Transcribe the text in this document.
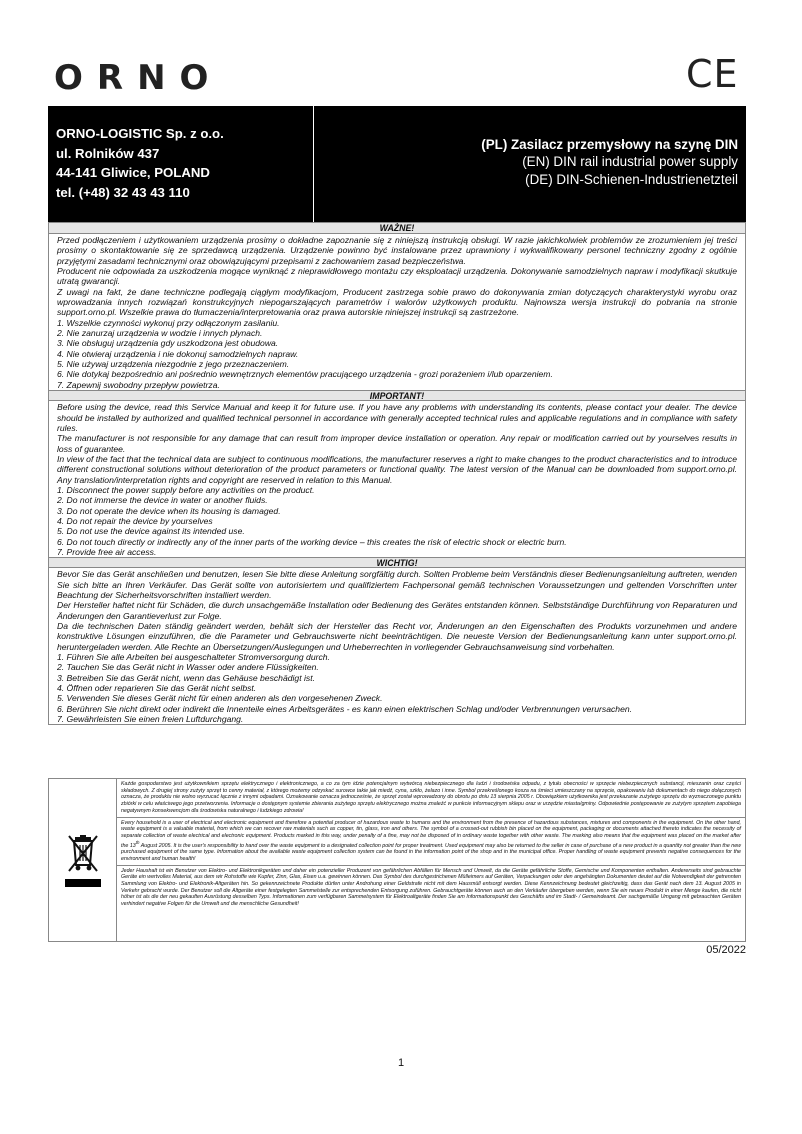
ORNO	CE
ORNO-LOGISTIC Sp. z o.o.
ul. Rolników 437
44-141 Gliwice, POLAND
tel. (+48) 32 43 43 110
(PL) Zasilacz przemysłowy na szynę DIN
(EN) DIN rail industrial power supply
(DE) DIN-Schienen-Industrienetzteil
WAŻNE!

Przed podłączeniem i użytkowaniem urządzenia prosimy o dokładne zapoznanie się z niniejszą instrukcją obsługi. W razie jakichkolwiek problemów ze zrozumieniem jej treści prosimy o skontaktowanie się ze sprzedawcą urządzenia. Urządzenie powinno być instalowane przez uprawniony i wykwalifikowany personel techniczny zgodny z ogólnie przyjętymi zasadami technicznymi oraz obowiązującymi przepisami z zachowaniem zasad bezpieczeństwa.

Producent nie odpowiada za uszkodzenia mogące wyniknąć z nieprawidłowego montażu czy eksploatacji urządzenia. Dokonywanie samodzielnych napraw i modyfikacji skutkuje utratą gwarancji.

Z uwagi na fakt, że dane techniczne podlegają ciągłym modyfikacjom, Producent zastrzega sobie prawo do dokonywania zmian dotyczących charakterystyki wyrobu oraz wprowadzania innych rozwiązań konstrukcyjnych niepogarszających parametrów i walorów użytkowych produktu. Najnowsza wersja instrukcji do pobrania na stronie support.orno.pl. Wszelkie prawa do tłumaczenia/interpretowania oraz prawa autorskie niniejszej instrukcji są zastrzeżone.

1. Wszelkie czynności wykonuj przy odłączonym zasilaniu.

2. Nie zanurzaj urządzenia w wodzie i innych płynach.

3. Nie obsługuj urządzenia gdy uszkodzona jest obudowa.

4. Nie otwieraj urządzenia i nie dokonuj samodzielnych napraw.

5. Nie używaj urządzenia niezgodnie z jego przeznaczeniem.

6. Nie dotykaj bezpośrednio ani pośrednio wewnętrznych elementów pracującego urządzenia - grozi porażeniem i/lub oparzeniem.

7. Zapewnij swobodny przepływ powietrza.

IMPORTANT!

Before using the device, read this Service Manual and keep it for future use. If you have any problems with understanding its contents, please contact your dealer. The device should be installed by authorized and qualified technical personnel in accordance with generally accepted technical rules and applicable regulations and in compliance with safety rules.

The manufacturer is not responsible for any damage that can result from improper device installation or operation. Any repair or modification carried out by yourselves results in loss of guarantee.

In view of the fact that the technical data are subject to continuous modifications, the manufacturer reserves a right to make changes to the product characteristics and to introduce different constructional solutions without deterioration of the product parameters or functional quality. The latest version of the Manual can be downloaded from support.orno.pl. Any translation/interpretation rights and copyright are reserved in relation to this Manual.

1. Disconnect the power supply before any activities on the product.

2. Do not immerse the device in water or another fluids.

3. Do not operate the device when its housing is damaged.

4. Do not repair the device by yourselves

5. Do not use the device against its intended use.

6. Do not touch directly or indirectly any of the inner parts of the working device – this creates the risk of electric shock or electric burn.

7. Provide free air access.

WICHTIG!

Bevor Sie das Gerät anschließen und benutzen, lesen Sie bitte diese Anleitung sorgfältig durch. Sollten Probleme beim Verständnis dieser Bedienungsanleitung auftreten, wenden Sie sich bitte an Ihren Verkäufer. Das Gerät sollte von autorisiertem und qualifiziertem Fachpersonal gemäß technischen Voraussetzungen und geltenden Vorschriften unter Beachtung der Sicherheitsvorschriften installiert werden.

Der Hersteller haftet nicht für Schäden, die durch unsachgemäße Installation oder Bedienung des Gerätes entstanden können. Selbstständige Durchführung von Reparaturen und Änderungen den Garantieverlust zur Folge.

Da die technischen Daten ständig geändert werden, behält sich der Hersteller das Recht vor, Änderungen an den Eigenschaften des Produkts vorzunehmen und andere konstruktive Lösungen einzuführen, die die Parameter und Gebrauchswerte nicht beeinträchtigen. Die neueste Version der Bedienungsanleitung kann unter support.orno.pl. heruntergeladen werden. Alle Rechte an Übersetzungen/Auslegungen und Urheberrechten in vorliegender Gebrauchsanweisung sind vorbehalten.

1. Führen Sie alle Arbeiten bei ausgeschalteter Stromversorgung durch.

2. Tauchen Sie das Gerät nicht in Wasser oder andere Flüssigkeiten.

3. Betreiben Sie das Gerät nicht, wenn das Gehäuse beschädigt ist.

4. Öffnen oder reparieren Sie das Gerät nicht selbst.

5. Verwenden Sie dieses Gerät nicht für einen anderen als den vorgesehenen Zweck.

6. Berühren Sie nicht direkt oder indirekt die Innenteile eines Arbeitsgerätes - es kann einen elektrischen Schlag und/oder Verbrennungen verursachen.

7. Gewährleisten Sie einen freien Luftdurchgang.

Każde gospodarstwo jest użytkownikiem sprzętu elektrycznego i elektronicznego, a co za tym idzie potencjalnym wytwórcą niebezpiecznego dla ludzi i środowiska odpadu, z tytułu obecności w sprzęcie niebezpiecznych substancji, mieszanin oraz części składowych. Z drugiej strony zużyty sprzęt to cenny materiał, z którego możemy odzyskać surowce takie jak miedź, cyna, szkło, żelazo i inne. Symbol przekreślonego kosza na śmieci umieszczany na sprzęcie, opakowaniu lub dokumentach do niego dołączonych oznacza, że produktu nie wolno wyrzucać łącznie z innymi odpadami. Oznakowanie oznacza jednocześnie, że sprzęt został wprowadzony do obrotu po dniu 13 sierpnia 2005 r. Obowiązkiem użytkownika jest przekazanie zużytego sprzętu do wyznaczonego punktu zbiórki w celu właściwego jego przetworzenia. Informacje o dostępnym systemie zbierania zużytego sprzętu elektrycznego można znaleźć w punkcie informacyjnym sklepu oraz w urzędzie miasta/gminy. Odpowiednie postępowanie ze zużytym sprzętem zapobiega negatywnym konsekwencjom dla środowiska naturalnego i ludzkiego zdrowia!
Every household is a user of electrical and electronic equipment and therefore a potential producer of hazardous waste to humans and the environment from the presence of hazardous substances, mixtures and components in the equipment. On the other hand, waste equipment is a valuable material, from which we can recover raw materials such as copper, tin, glass, iron and others. The symbol of a crossed-out rubbish bin placed on the equipment, packaging or documents attached thereto indicates the necessity of separate collection of waste electrical and electronic equipment. Products marked in this way, under penalty of a fine, may not be disposed of in ordinary waste together with other waste. The marking also means that the equipment was placed on the market after the 13th August 2005. It is the user's responsibility to hand over the waste equipment to a designated collection point for proper treatment. Used equipment may also be returned to the seller in case of purchase of a new product in a quantity not greater than the new purchased equipment of the same type. Information about the available waste equipment collection system can be found in the information point of the shop and in the municipal office. Proper handling of waste equipment prevents negative consequences for the environment and human health!
Jeder Haushalt ist ein Benutzer von Elektro- und Elektronikgeräten und daher ein potenzieller Produzent von gefährlichen Abfällen für Mensch und Umwelt, da die Geräte gefährliche Stoffe, Gemische und Komponenten enthalten. Andererseits sind gebrauchte Geräte ein wertvolles Material, aus dem wir Rohstoffe wie Kupfer, Zinn, Glas, Eisen u.a. gewinnen können. Das Symbol des durchgestrichenen Mülleimers auf Geräten, Verpackungen oder den angehängten Dokumenten deutet auf die Notwendigkeit der getrennten Sammlung von Elektro- und Elektronik-Altgeräten hin. So gekennzeichnete Produkte dürfen unter Androhung einer Geldstrafe nicht mit dem Hausmüll entsorgt werden. Diese Kennzeichnung bedeutet gleichzeitig, dass das Gerät nach dem 13. August 2005 in Verkehr gebracht wurde. Der Benutzer soll die Altgeräte einer festgelegten Sammelstelle zur entsprechenden Entsorgung zuführen. Gebrauchtgeräte können auch an den Verkäufer übergeben werden, wenn Sie ein neues Produkt in einer Menge kaufen, die nicht höher ist als die der neu gekauften Ausrüstung desselben Typs. Informationen zum verfügbaren Sammelsystem für Elektroaltgeräte finden Sie am Informationspunkt des Geschäfts und im Stadt- / Gemeindeamt. Der sachgemäße Umgang mit gebrauchten Geräten verhindert negative Folgen für die Umwelt und die menschliche Gesundheit!
05/2022
1
